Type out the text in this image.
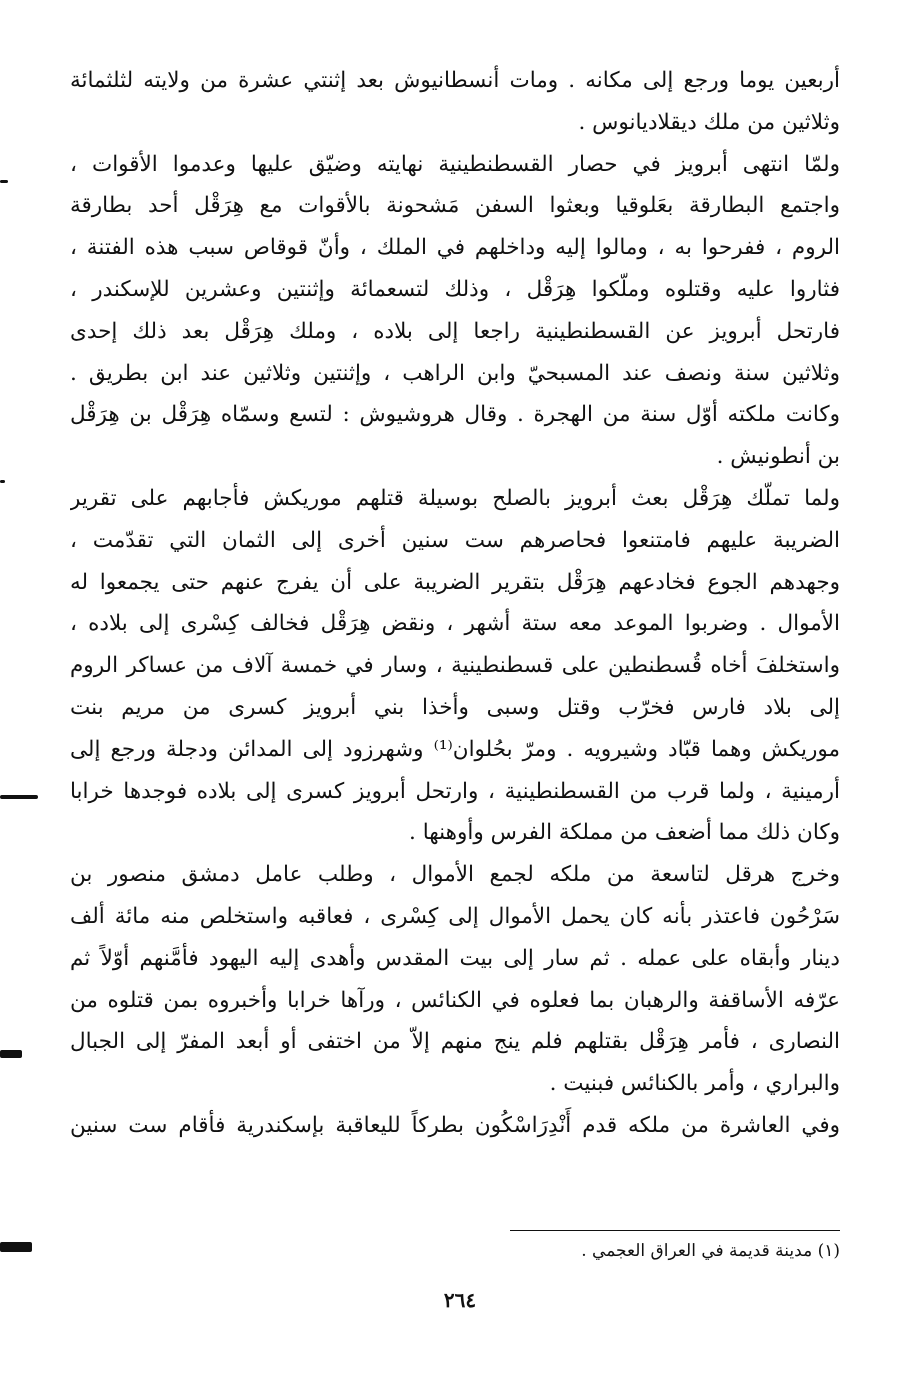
أربعين يوما ورجع إلى مكانه . ومات أنسطانيوش بعد إثنتي عشرة من ولايته لثلثمائة
وثلاثين من ملك ديقلاديانوس .
ولمّا انتهى أبرويز في حصار القسطنطينية نهايته وضيّق عليها وعدموا الأقوات ،
واجتمع البطارقة بعَلوقيا وبعثوا السفن مَشحونة بالأقوات مع هِرَقْل أحد بطارقة
الروم ، ففرحوا به ، ومالوا إليه وداخلهم في الملك ، وأنّ قوقاص سبب هذه الفتنة ،
فثاروا عليه وقتلوه وملّكوا هِرَقْل ، وذلك لتسعمائة وإثنتين وعشرين للإسكندر ،
فارتحل أبرويز عن القسطنطينية راجعا إلى بلاده ، وملك هِرَقْل بعد ذلك إحدى
وثلاثين سنة ونصف عند المسبحيّ وابن الراهب ، وإثنتين وثلاثين عند ابن بطريق .
وكانت ملكته أوّل سنة من الهجرة . وقال هروشيوش : لتسع وسمّاه هِرَقْل بن هِرَقْل
بن أنطونيش .
ولما تملّك هِرَقْل بعث أبرويز بالصلح بوسيلة قتلهم موريكش فأجابهم على تقرير
الضريبة عليهم فامتنعوا فحاصرهم ست سنين أخرى إلى الثمان التي تقدّمت ،
وجهدهم الجوع فخادعهم هِرَقْل بتقرير الضريبة على أن يفرج عنهم حتى يجمعوا له
الأموال . وضربوا الموعد معه ستة أشهر ، ونقض هِرَقْل فخالف كِسْرى إلى بلاده ،
واستخلفَ أخاه قُسطنطين على قسطنطينية ، وسار في خمسة آلاف من عساكر الروم
إلى بلاد فارس فخرّب وقتل وسبى وأخذا بني أبرويز كسرى من مريم بنت
موريكش وهما قبّاد وشيرويه . ومرّ بحُلوان⁽¹⁾ وشهرزود إلى المدائن ودجلة ورجع إلى
أرمينية ، ولما قرب من القسطنطينية ، وارتحل أبرويز كسرى إلى بلاده فوجدها خرابا
وكان ذلك مما أضعف من مملكة الفرس وأوهنها .
وخرج هرقل لتاسعة من ملكه لجمع الأموال ، وطلب عامل دمشق منصور بن
سَرْحُون فاعتذر بأنه كان يحمل الأموال إلى كِسْرى ، فعاقبه واستخلص منه مائة ألف
دينار وأبقاه على عمله . ثم سار إلى بيت المقدس وأهدى إليه اليهود فأمَّنهم أوّلاً ثم
عرّفه الأساقفة والرهبان بما فعلوه في الكنائس ، ورآها خرابا وأخبروه بمن قتلوه من
النصارى ، فأمر هِرَقْل بقتلهم فلم ينج منهم إلاّ من اختفى أو أبعد المفرّ إلى الجبال
والبراري ، وأمر بالكنائس فبنيت .
وفي العاشرة من ملكه قدم أَنْدِرَاسْكُون بطركاً لليعاقبة بإسكندرية فأقام ست سنين
(١) مدينة قديمة في العراق العجمي .
٢٦٤
